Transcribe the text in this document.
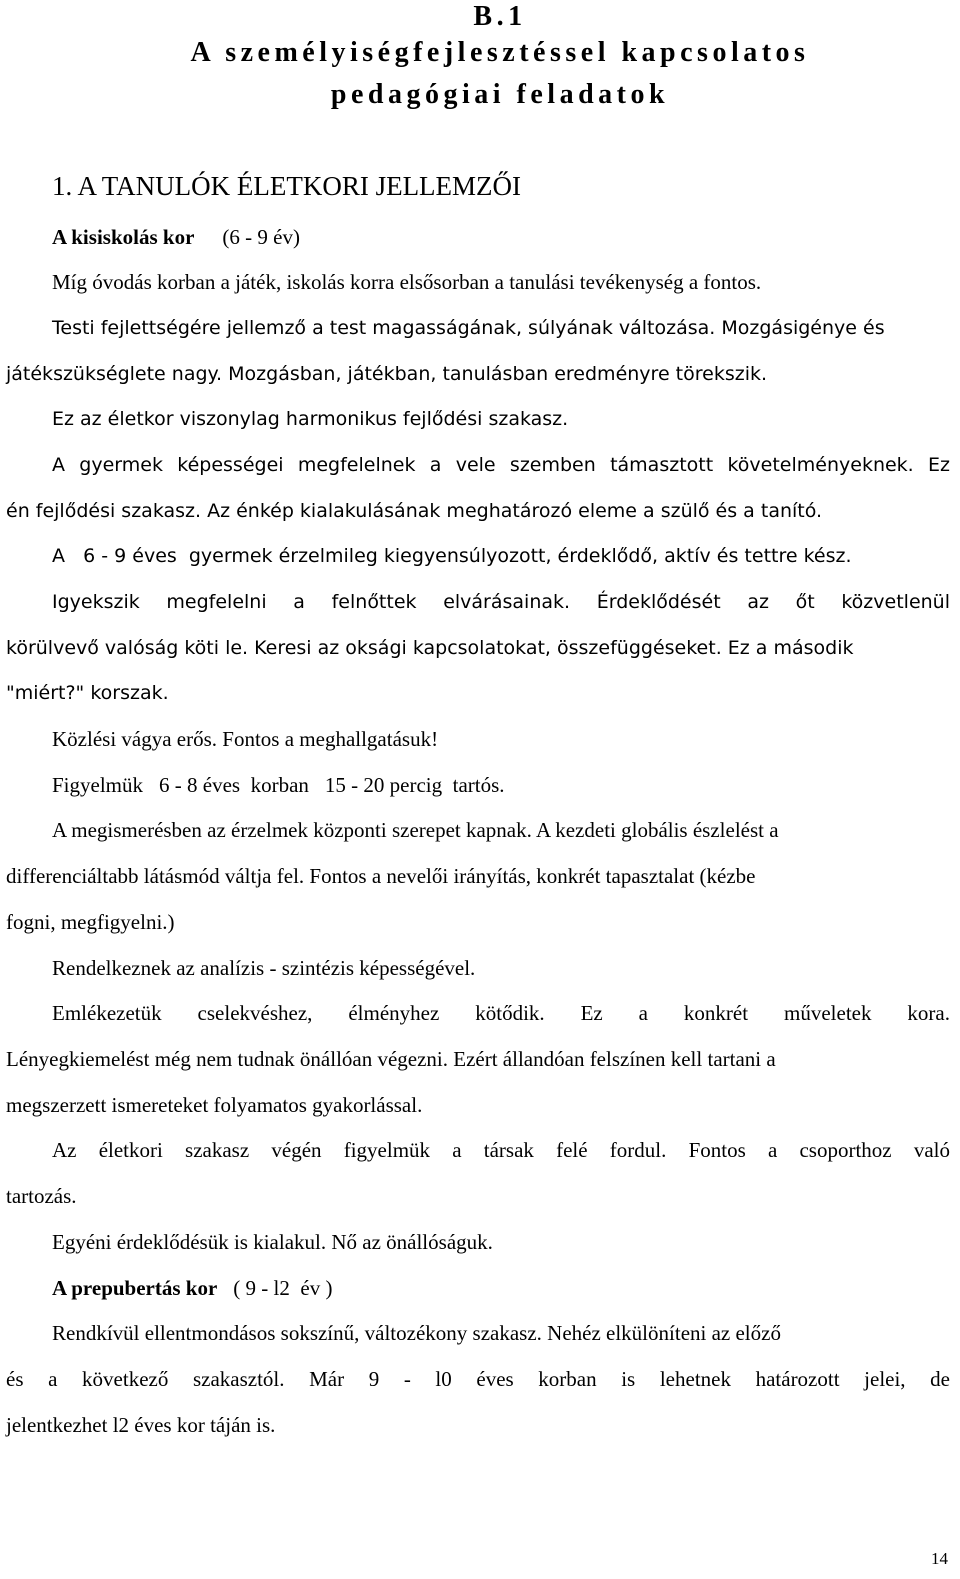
B.1
A személyiségfejlesztéssel kapcsolatos
pedagógiai feladatok
1. A TANULÓK ÉLETKORI JELLEMZŐI
A kisiskolás kor (6 - 9 év)
Míg óvodás korban a játék, iskolás korra elsősorban a tanulási tevékenység a fontos.
Testi fejlettségére jellemző a test magasságának, súlyának változása. Mozgásigénye és
játékszükséglete nagy. Mozgásban, játékban, tanulásban eredményre törekszik.
Ez az életkor viszonylag harmonikus fejlődési szakasz.
A gyermek képességei megfelelnek a vele szemben támasztott követelményeknek. Ez
én fejlődési szakasz. Az énkép kialakulásának meghatározó eleme a szülő és a tanító.
A   6 - 9 éves  gyermek érzelmileg kiegyensúlyozott, érdeklődő, aktív és tettre kész.
Igyekszik megfelelni a felnőttek elvárásainak. Érdeklődését az őt közvetlenül
körülvevő valóság köti le. Keresi az oksági kapcsolatokat, összefüggéseket. Ez a második
"miért?" korszak.
Közlési vágya erős. Fontos a meghallgatásuk!
Figyelmük 6 - 8 éves  korban 15 - 20 percig  tartós.
A megismerésben az érzelmek központi szerepet kapnak. A kezdeti globális észlelést a
differenciáltabb látásmód váltja fel. Fontos a nevelői irányítás, konkrét tapasztalat (kézbe
fogni, megfigyelni.)
Rendelkeznek az analízis - szintézis képességével.
Emlékezetük cselekvéshez, élményhez kötődik. Ez a konkrét műveletek kora.
Lényegkiemelést még nem tudnak önállóan végezni. Ezért állandóan felszínen kell tartani a
megszerzett ismereteket folyamatos gyakorlással.
Az életkori szakasz végén figyelmük a társak felé fordul. Fontos a csoporthoz való
tartozás.
Egyéni érdeklődésük is kialakul. Nő az önállóságuk.
A prepubertás kor ( 9 - l2  év )
Rendkívül ellentmondásos sokszínű, változékony szakasz. Nehéz elkülöníteni az előző
és a következő szakasztól. Már 9 - l0 éves korban is lehetnek határozott jelei, de
jelentkezhet l2 éves kor táján is.
14
